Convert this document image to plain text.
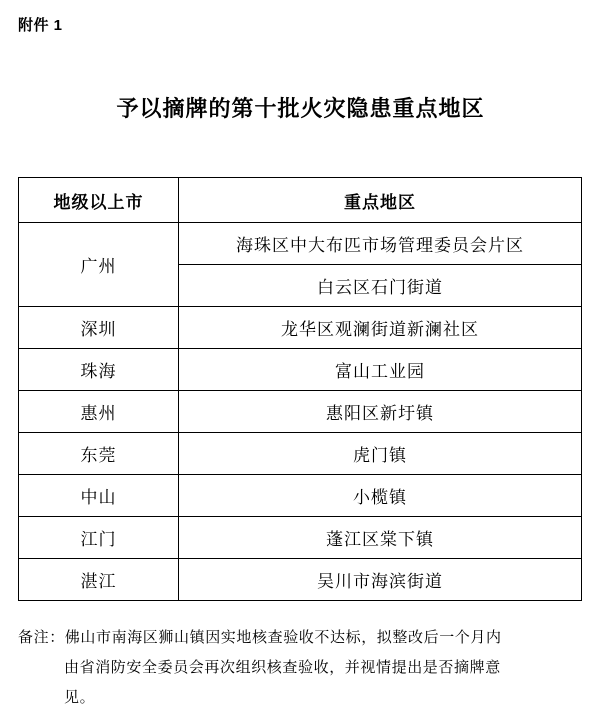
附件 1
予以摘牌的第十批火灾隐患重点地区
地级以上市	重点地区
广州	海珠区中大布匹市场管理委员会片区
	白云区石门街道
深圳	龙华区观澜街道新澜社区
珠海	富山工业园
惠州	惠阳区新圩镇
东莞	虎门镇
中山	小榄镇
江门	蓬江区棠下镇
湛江	吴川市海滨街道
备注：佛山市南海区狮山镇因实地核查验收不达标，拟整改后一个月内
由省消防安全委员会再次组织核查验收，并视情提出是否摘牌意
见。
